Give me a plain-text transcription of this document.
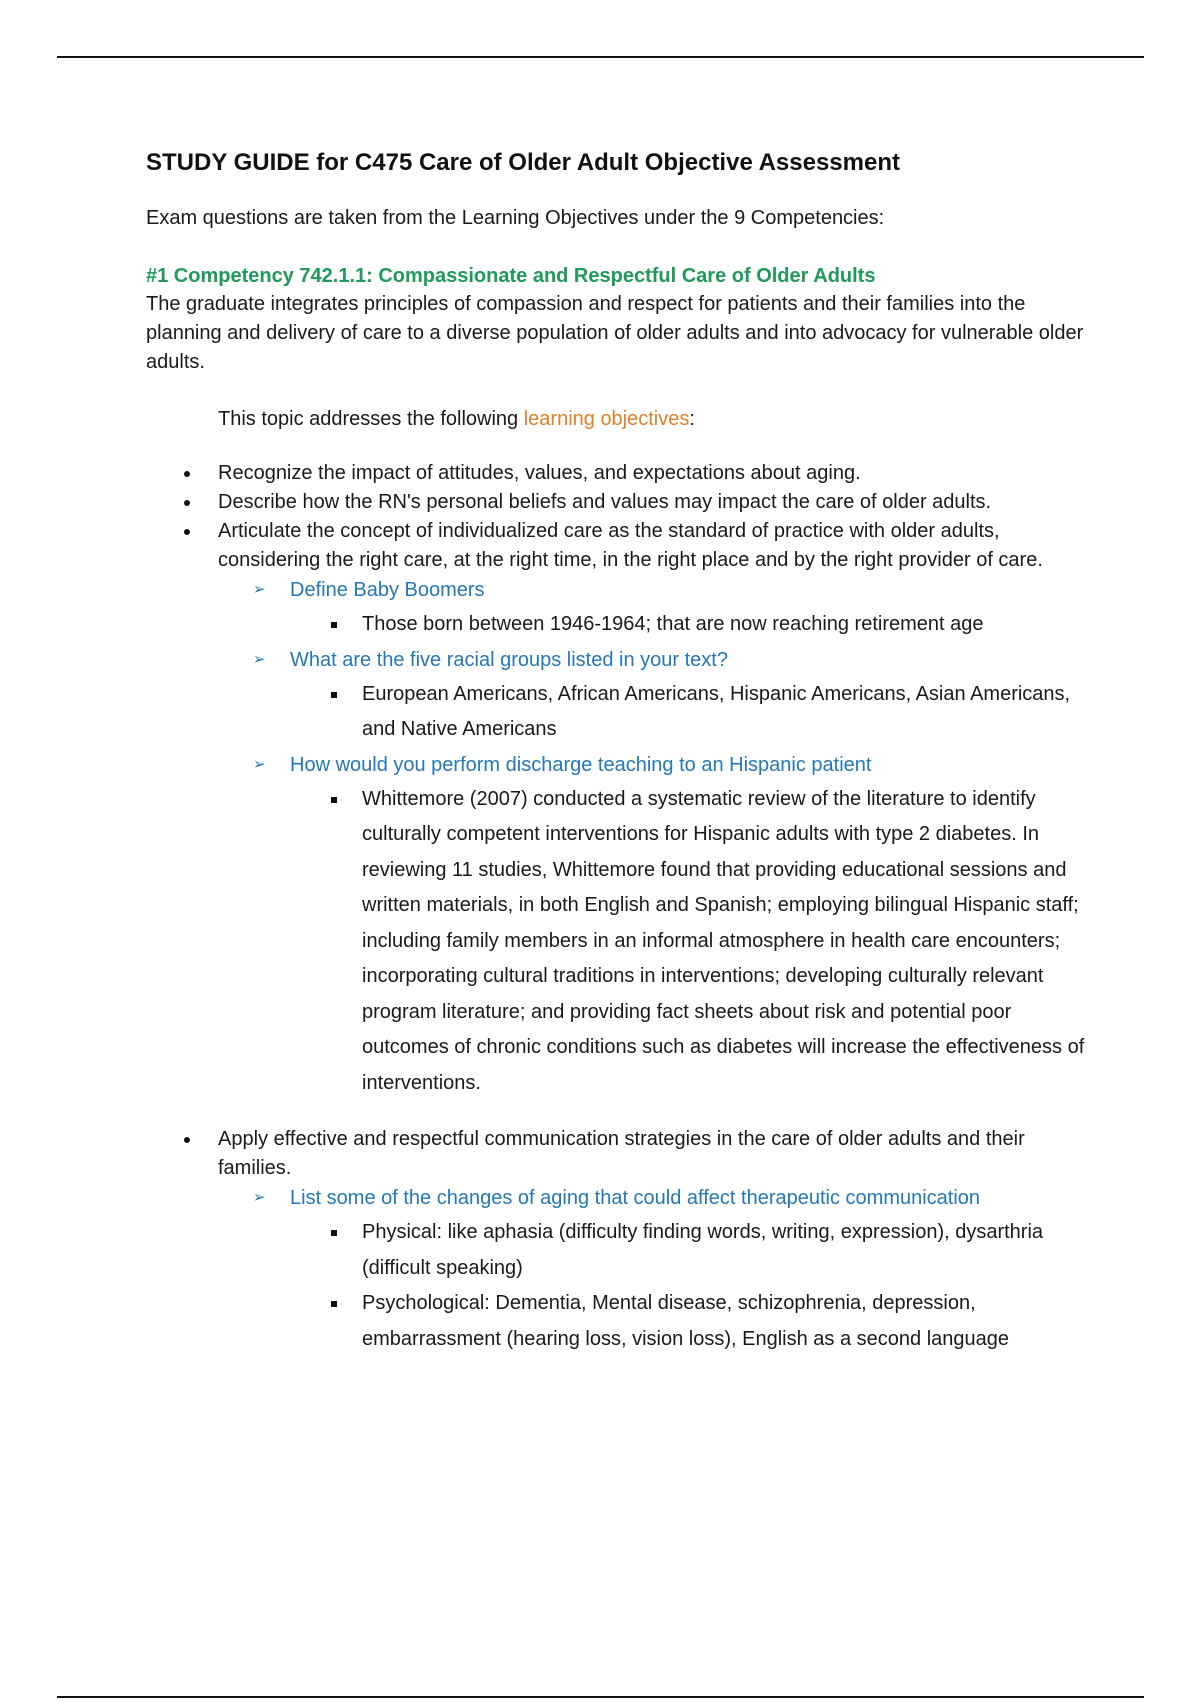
STUDY GUIDE for C475 Care of Older Adult Objective Assessment
Exam questions are taken from the Learning Objectives under the 9 Competencies:
#1 Competency 742.1.1: Compassionate and Respectful Care of Older Adults
The graduate integrates principles of compassion and respect for patients and their families into the planning and delivery of care to a diverse population of older adults and into advocacy for vulnerable older adults.
This topic addresses the following learning objectives:
Recognize the impact of attitudes, values, and expectations about aging.
Describe how the RN's personal beliefs and values may impact the care of older adults.
Articulate the concept of individualized care as the standard of practice with older adults, considering the right care, at the right time, in the right place and by the right provider of care.
➢ Define Baby Boomers
Those born between 1946-1964; that are now reaching retirement age
➢ What are the five racial groups listed in your text?
European Americans, African Americans, Hispanic Americans, Asian Americans, and Native Americans
➢ How would you perform discharge teaching to an Hispanic patient
Whittemore (2007) conducted a systematic review of the literature to identify culturally competent interventions for Hispanic adults with type 2 diabetes. In reviewing 11 studies, Whittemore found that providing educational sessions and written materials, in both English and Spanish; employing bilingual Hispanic staff; including family members in an informal atmosphere in health care encounters; incorporating cultural traditions in interventions; developing culturally relevant program literature; and providing fact sheets about risk and potential poor outcomes of chronic conditions such as diabetes will increase the effectiveness of interventions.
Apply effective and respectful communication strategies in the care of older adults and their families.
➢ List some of the changes of aging that could affect therapeutic communication
Physical: like aphasia (difficulty finding words, writing, expression), dysarthria (difficult speaking)
Psychological: Dementia, Mental disease, schizophrenia, depression, embarrassment (hearing loss, vision loss), English as a second language
